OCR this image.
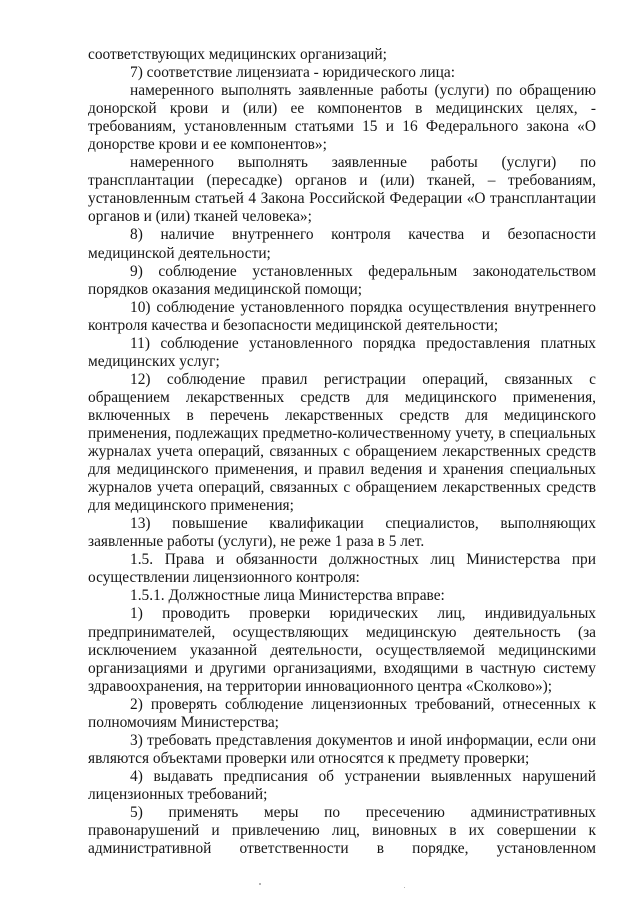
соответствующих медицинских организаций;

7) соответствие лицензиата - юридического лица:

намеренного выполнять заявленные работы (услуги) по обращению донорской крови и (или) ее компонентов в медицинских целях, - требованиям, установленным статьями 15 и 16 Федерального закона «О донорстве крови и ее компонентов»;

намеренного выполнять заявленные работы (услуги) по трансплантации (пересадке) органов и (или) тканей, – требованиям, установленным статьей 4 Закона Российской Федерации «О трансплантации органов и (или) тканей человека»;

8) наличие внутреннего контроля качества и безопасности медицинской деятельности;

9) соблюдение установленных федеральным законодательством порядков оказания медицинской помощи;

10) соблюдение установленного порядка осуществления внутреннего контроля качества и безопасности медицинской деятельности;

11) соблюдение установленного порядка предоставления платных медицинских услуг;

12) соблюдение правил регистрации операций, связанных с обращением лекарственных средств для медицинского применения, включенных в перечень лекарственных средств для медицинского применения, подлежащих предметно-количественному учету, в специальных журналах учета операций, связанных с обращением лекарственных средств для медицинского применения, и правил ведения и хранения специальных журналов учета операций, связанных с обращением лекарственных средств для медицинского применения;

13) повышение квалификации специалистов, выполняющих заявленные работы (услуги), не реже 1 раза в 5 лет.

1.5. Права и обязанности должностных лиц Министерства при осуществлении лицензионного контроля:

1.5.1. Должностные лица Министерства вправе:

1) проводить проверки юридических лиц, индивидуальных предпринимателей, осуществляющих медицинскую деятельность (за исключением указанной деятельности, осуществляемой медицинскими организациями и другими организациями, входящими в частную систему здравоохранения, на территории инновационного центра «Сколково»);

2) проверять соблюдение лицензионных требований, отнесенных к полномочиям Министерства;

3) требовать представления документов и иной информации, если они являются объектами проверки или относятся к предмету проверки;

4) выдавать предписания об устранении выявленных нарушений лицензионных требований;

5) применять меры по пресечению административных правонарушений и привлечению лиц, виновных в их совершении к административной ответственности в порядке, установленном
